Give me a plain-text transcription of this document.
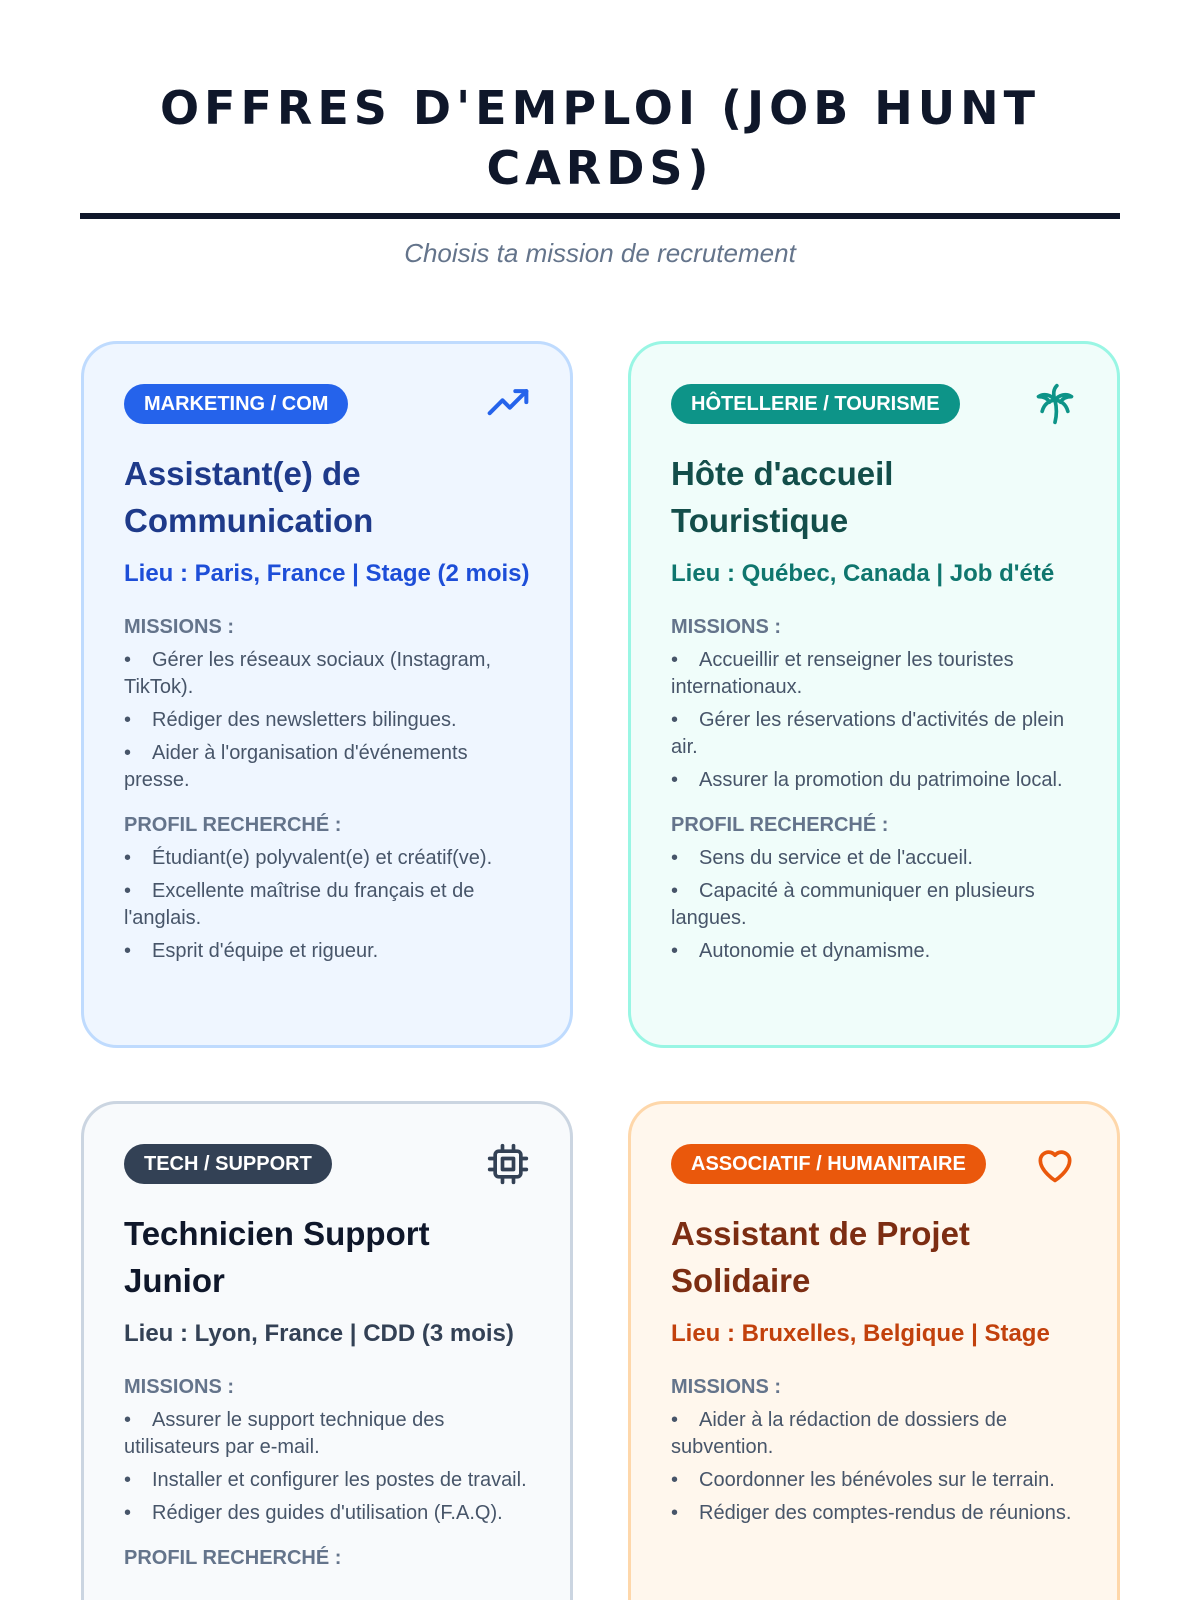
OFFRES D'EMPLOI (JOB HUNT CARDS)

Choisis ta mission de recrutement

MARKETING / COM
Assistant(e) de Communication

Lieu : Paris, France | Stage (2 mois)

MISSIONS :

• Gérer les réseaux sociaux (Instagram, TikTok).
• Rédiger des newsletters bilingues.
• Aider à l'organisation d'événements presse.

PROFIL RECHERCHÉ :

• Étudiant(e) polyvalent(e) et créatif(ve).
• Excellente maîtrise du français et de l'anglais.
• Esprit d'équipe et rigueur.
HÔTELLERIE / TOURISME
Hôte d'accueil Touristique

Lieu : Québec, Canada | Job d'été

MISSIONS :

• Accueillir et renseigner les touristes internationaux.
• Gérer les réservations d'activités de plein air.
• Assurer la promotion du patrimoine local.

PROFIL RECHERCHÉ :

• Sens du service et de l'accueil.
• Capacité à communiquer en plusieurs langues.
• Autonomie et dynamisme.
TECH / SUPPORT
Technicien Support Junior

Lieu : Lyon, France | CDD (3 mois)

MISSIONS :

• Assurer le support technique des utilisateurs par e-mail.
• Installer et configurer les postes de travail.
• Rédiger des guides d'utilisation (F.A.Q).

PROFIL RECHERCHÉ :

ASSOCIATIF / HUMANITAIRE
Assistant de Projet Solidaire

Lieu : Bruxelles, Belgique | Stage

MISSIONS :

• Aider à la rédaction de dossiers de subvention.
• Coordonner les bénévoles sur le terrain.
• Rédiger des comptes-rendus de réunions.
